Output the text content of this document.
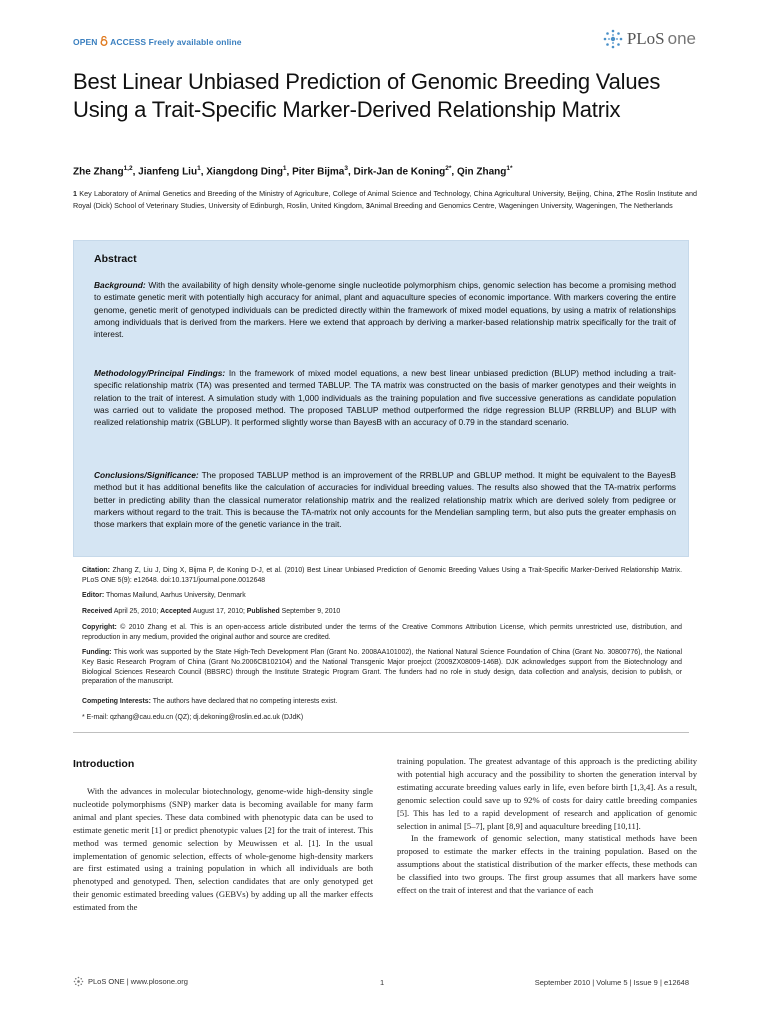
OPEN ACCESS Freely available online	PLoS one
Best Linear Unbiased Prediction of Genomic Breeding Values Using a Trait-Specific Marker-Derived Relationship Matrix
Zhe Zhang$^{1,2}$, Jianfeng Liu$^1$, Xiangdong Ding$^1$, Piter Bijma$^3$, Dirk-Jan de Koning$^{2*}$, Qin Zhang$^{1*}$
1 Key Laboratory of Animal Genetics and Breeding of the Ministry of Agriculture, College of Animal Science and Technology, China Agricultural University, Beijing, China, 2The Roslin Institute and Royal (Dick) School of Veterinary Studies, University of Edinburgh, Roslin, United Kingdom, 3Animal Breeding and Genomics Centre, Wageningen University, Wageningen, The Netherlands
Abstract

Background: With the availability of high density whole-genome single nucleotide polymorphism chips, genomic selection has become a promising method to estimate genetic merit with potentially high accuracy for animal, plant and aquaculture species of economic importance. With markers covering the entire genome, genetic merit of genotyped individuals can be predicted directly within the framework of mixed model equations, by using a matrix of relationships among individuals that is derived from the markers. Here we extend that approach by deriving a marker-based relationship matrix specifically for the trait of interest.

Methodology/Principal Findings: In the framework of mixed model equations, a new best linear unbiased prediction (BLUP) method including a trait-specific relationship matrix (TA) was presented and termed TABLUP. The TA matrix was constructed on the basis of marker genotypes and their weights in relation to the trait of interest. A simulation study with 1,000 individuals as the training population and five successive generations as candidate population was carried out to validate the proposed method. The proposed TABLUP method outperformed the ridge regression BLUP (RRBLUP) and BLUP with realized relationship matrix (GBLUP). It performed slightly worse than BayesB with an accuracy of 0.79 in the standard scenario.

Conclusions/Significance: The proposed TABLUP method is an improvement of the RRBLUP and GBLUP method. It might be equivalent to the BayesB method but it has additional benefits like the calculation of accuracies for individual breeding values. The results also showed that the TA-matrix performs better in predicting ability than the classical numerator relationship matrix and the realized relationship matrix which are derived solely from pedigree or markers without regard to the trait. This is because the TA-matrix not only accounts for the Mendelian sampling term, but also puts the greater emphasis on those markers that explain more of the genetic variance in the trait.

Citation: Zhang Z, Liu J, Ding X, Bijma P, de Koning D-J, et al. (2010) Best Linear Unbiased Prediction of Genomic Breeding Values Using a Trait-Specific Marker-Derived Relationship Matrix. PLoS ONE 5(9): e12648. doi:10.1371/journal.pone.0012648

Editor: Thomas Mailund, Aarhus University, Denmark

Received April 25, 2010; Accepted August 17, 2010; Published September 9, 2010

Copyright: © 2010 Zhang et al. This is an open-access article distributed under the terms of the Creative Commons Attribution License, which permits unrestricted use, distribution, and reproduction in any medium, provided the original author and source are credited.

Funding: This work was supported by the State High-Tech Development Plan (Grant No. 2008AA101002), the National Natural Science Foundation of China (Grant No. 30800776), the National Key Basic Research Program of China (Grant No.2006CB102104) and the National Transgenic Major proejcct (2009ZX08009-146B). DJK acknowledges support from the Biotechnology and Biological Sciences Research Council (BBSRC) through the Institute Strategic Program Grant. The funders had no role in study design, data collection and analysis, decision to publish, or preparation of the manuscript.

Competing Interests: The authors have declared that no competing interests exist.

* E-mail: qzhang@cau.edu.cn (QZ); dj.dekoning@roslin.ed.ac.uk (DJdK)

Introduction

With the advances in molecular biotechnology, genome-wide high-density single nucleotide polymorphisms (SNP) marker data is becoming available for many farm animal and plant species. These data combined with phenotypic data can be used to estimate genetic merit [1] or predict phenotypic values [2] for the trait of interest. This method was termed genomic selection by Meuwissen et al. [1]. In the usual implementation of genomic selection, effects of whole-genome high-density markers are first estimated using a training population in which all individuals are both phenotyped and genotyped. Then, selection candidates that are only genotyped get their genomic estimated breeding values (GEBVs) by adding up all the marker effects estimated from the

training population. The greatest advantage of this approach is the predicting ability with potential high accuracy and the possibility to shorten the generation interval by estimating accurate breeding values early in life, even before birth [1,3,4]. As a result, genomic selection could save up to 92% of costs for dairy cattle breeding companies [5]. This has led to a rapid development of research and application of genomic selection in animal [5–7], plant [8,9] and aquaculture breeding [10,11].

In the framework of genomic selection, many statistical methods have been proposed to estimate the marker effects in the training population. Based on the assumptions about the statistical distribution of the marker effects, these methods can be classified into two groups. The first group assumes that all markers have some effect on the trait of interest and that the variance of each

PLoS ONE | www.plosone.org	1	September 2010 | Volume 5 | Issue 9 | e12648
